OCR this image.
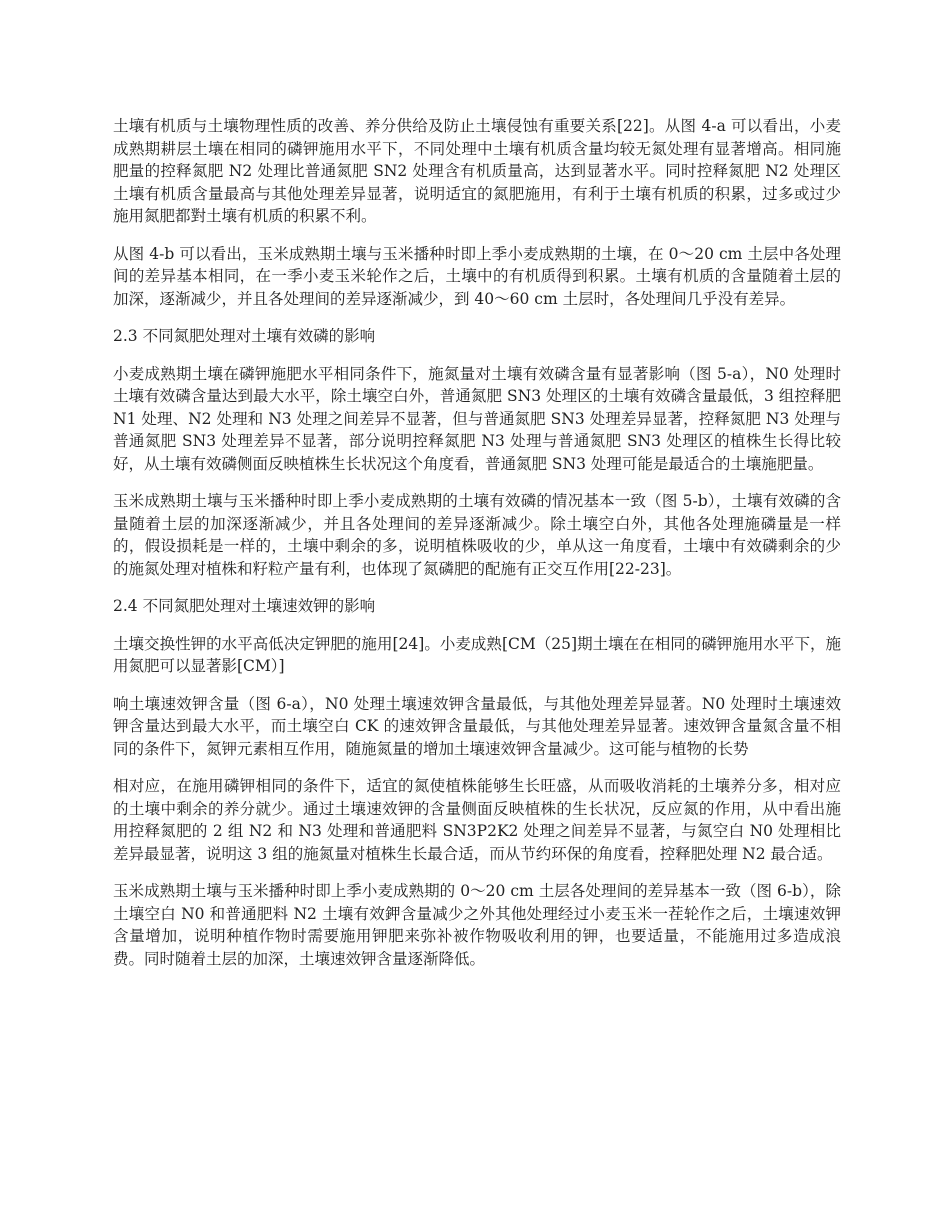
土壤有机质与土壤物理性质的改善、养分供给及防止土壤侵蚀有重要关系[22]。从图 4-a 可以看出，小麦成熟期耕层土壤在相同的磷钾施用水平下，不同处理中土壤有机质含量均较无氮处理有显著增高。相同施肥量的控释氮肥 N2 处理比普通氮肥 SN2 处理含有机质量高，达到显著水平。同时控释氮肥 N2 处理区土壤有机质含量最高与其他处理差异显著，说明适宜的氮肥施用，有利于土壤有机质的积累，过多或过少施用氮肥都對土壤有机质的积累不利。

从图 4-b 可以看出，玉米成熟期土壤与玉米播种时即上季小麦成熟期的土壤，在 0～20 cm 土层中各处理间的差异基本相同，在一季小麦玉米轮作之后，土壤中的有机质得到积累。土壤有机质的含量随着土层的加深，逐渐减少，并且各处理间的差异逐渐减少，到 40～60 cm 土层时，各处理间几乎没有差异。

2.3 不同氮肥处理对土壤有效磷的影响

小麦成熟期土壤在磷钾施肥水平相同条件下，施氮量对土壤有效磷含量有显著影响（图 5-a），N0 处理时土壤有效磷含量达到最大水平，除土壤空白外，普通氮肥 SN3 处理区的土壤有效磷含量最低，3 组控释肥 N1 处理、N2 处理和 N3 处理之间差异不显著，但与普通氮肥 SN3 处理差异显著，控释氮肥 N3 处理与普通氮肥 SN3 处理差异不显著，部分说明控释氮肥 N3 处理与普通氮肥 SN3 处理区的植株生长得比较好，从土壤有效磷侧面反映植株生长状况这个角度看，普通氮肥 SN3 处理可能是最适合的土壤施肥量。

玉米成熟期土壤与玉米播种时即上季小麦成熟期的土壤有效磷的情况基本一致（图 5-b），土壤有效磷的含量随着土层的加深逐渐减少，并且各处理间的差异逐渐减少。除土壤空白外，其他各处理施磷量是一样的，假设损耗是一样的，土壤中剩余的多，说明植株吸收的少，单从这一角度看，土壤中有效磷剩余的少的施氮处理对植株和籽粒产量有利，也体现了氮磷肥的配施有正交互作用[22-23]。

2.4 不同氮肥处理对土壤速效钾的影响

土壤交换性钾的水平高低决定钾肥的施用[24]。小麦成熟[CM（25]期土壤在在相同的磷钾施用水平下，施用氮肥可以显著影[CM）]

响土壤速效钾含量（图 6-a），N0 处理土壤速效钾含量最低，与其他处理差异显著。N0 处理时土壤速效钾含量达到最大水平，而土壤空白 CK 的速效钾含量最低，与其他处理差异显著。速效钾含量氮含量不相同的条件下，氮钾元素相互作用，随施氮量的增加土壤速效钾含量减少。这可能与植物的长势

相对应，在施用磷钾相同的条件下，适宜的氮使植株能够生长旺盛，从而吸收消耗的土壤养分多，相对应的土壤中剩余的养分就少。通过土壤速效钾的含量侧面反映植株的生长状况，反应氮的作用，从中看出施用控释氮肥的 2 组 N2 和 N3 处理和普通肥料 SN3P2K2 处理之间差异不显著，与氮空白 N0 处理相比差异最显著，说明这 3 组的施氮量对植株生长最合适，而从节约环保的角度看，控释肥处理 N2 最合适。

玉米成熟期土壤与玉米播种时即上季小麦成熟期的 0～20 cm 土层各处理间的差异基本一致（图 6-b），除土壤空白 N0 和普通肥料 N2 土壤有效鉀含量减少之外其他处理经过小麦玉米一茬轮作之后，土壤速效钾含量增加，说明种植作物时需要施用钾肥来弥补被作物吸收利用的钾，也要适量，不能施用过多造成浪费。同时随着土层的加深，土壤速效钾含量逐渐降低。
